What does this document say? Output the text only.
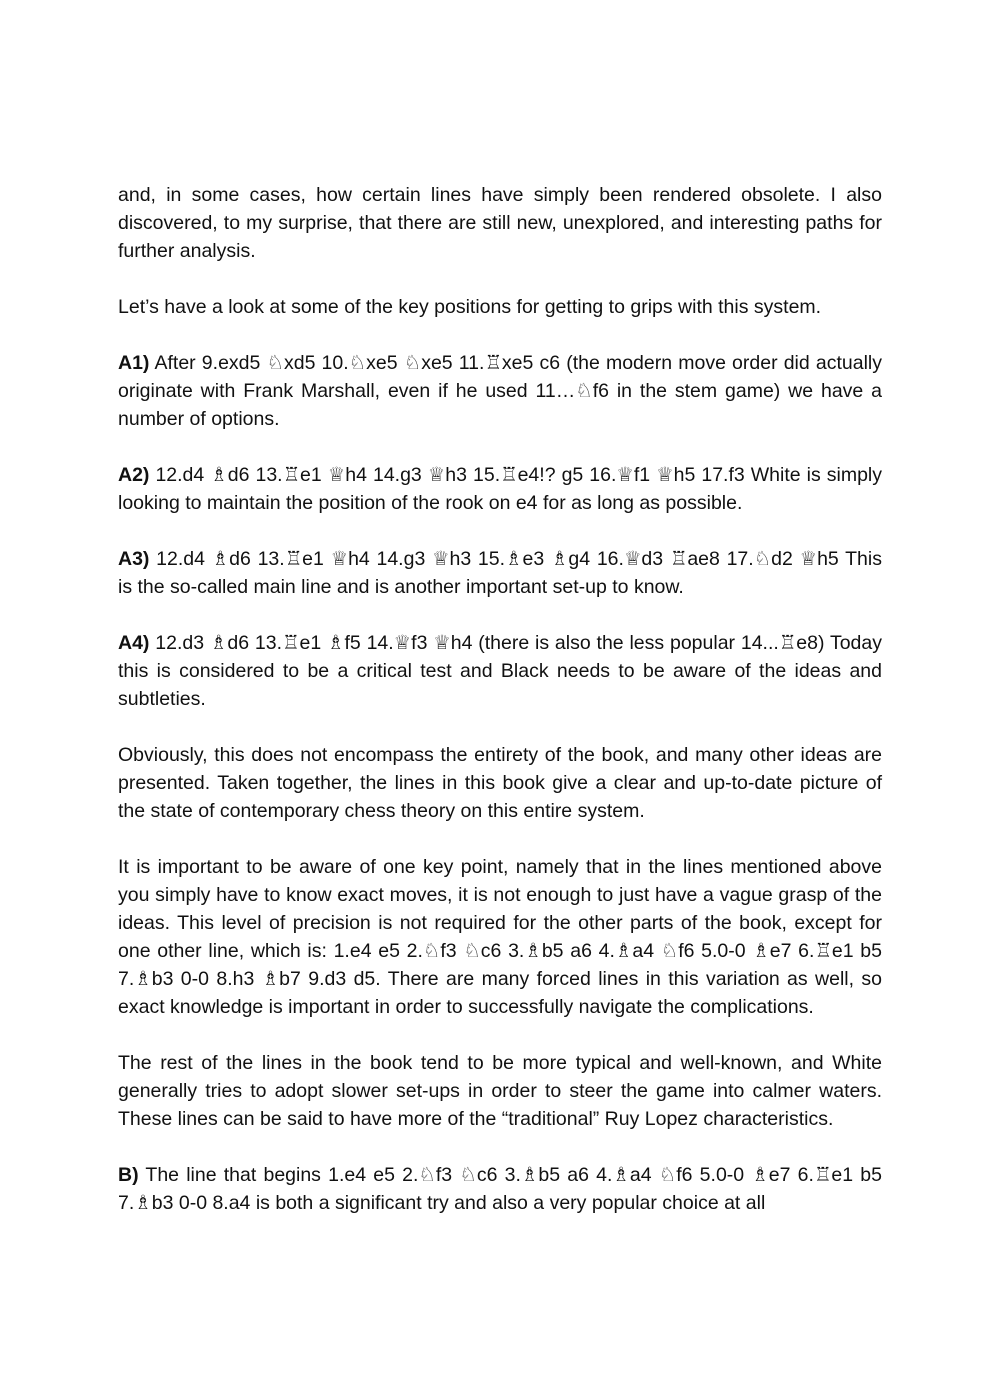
and, in some cases, how certain lines have simply been rendered obsolete. I also discovered, to my surprise, that there are still new, unexplored, and interesting paths for further analysis.

Let’s have a look at some of the key positions for getting to grips with this system.

A1) After 9.exd5 ♘xd5 10.♘xe5 ♘xe5 11.♖xe5 c6 (the modern move order did actually originate with Frank Marshall, even if he used 11…♘f6 in the stem game) we have a number of options.

A2) 12.d4 ♗d6 13.♖e1 ♕h4 14.g3 ♕h3 15.♖e4!? g5 16.♕f1 ♕h5 17.f3 White is simply looking to maintain the position of the rook on e4 for as long as possible.

A3) 12.d4 ♗d6 13.♖e1 ♕h4 14.g3 ♕h3 15.♗e3 ♗g4 16.♕d3 ♖ae8 17.♘d2 ♕h5 This is the so-called main line and is another important set-up to know.

A4) 12.d3 ♗d6 13.♖e1 ♗f5 14.♕f3 ♕h4 (there is also the less popular 14...♖e8) Today this is considered to be a critical test and Black needs to be aware of the ideas and subtleties.

Obviously, this does not encompass the entirety of the book, and many other ideas are presented. Taken together, the lines in this book give a clear and up-to-date picture of the state of contemporary chess theory on this entire system.

It is important to be aware of one key point, namely that in the lines mentioned above you simply have to know exact moves, it is not enough to just have a vague grasp of the ideas. This level of precision is not required for the other parts of the book, except for one other line, which is: 1.e4 e5 2.♘f3 ♘c6 3.♗b5 a6 4.♗a4 ♘f6 5.0-0 ♗e7 6.♖e1 b5 7.♗b3 0-0 8.h3 ♗b7 9.d3 d5. There are many forced lines in this variation as well, so exact knowledge is important in order to successfully navigate the complications.

The rest of the lines in the book tend to be more typical and well-known, and White generally tries to adopt slower set-ups in order to steer the game into calmer waters. These lines can be said to have more of the “traditional” Ruy Lopez characteristics.

B) The line that begins 1.e4 e5 2.♘f3 ♘c6 3.♗b5 a6 4.♗a4 ♘f6 5.0-0 ♗e7 6.♖e1 b5 7.♗b3 0-0 8.a4 is both a significant try and also a very popular choice at all
